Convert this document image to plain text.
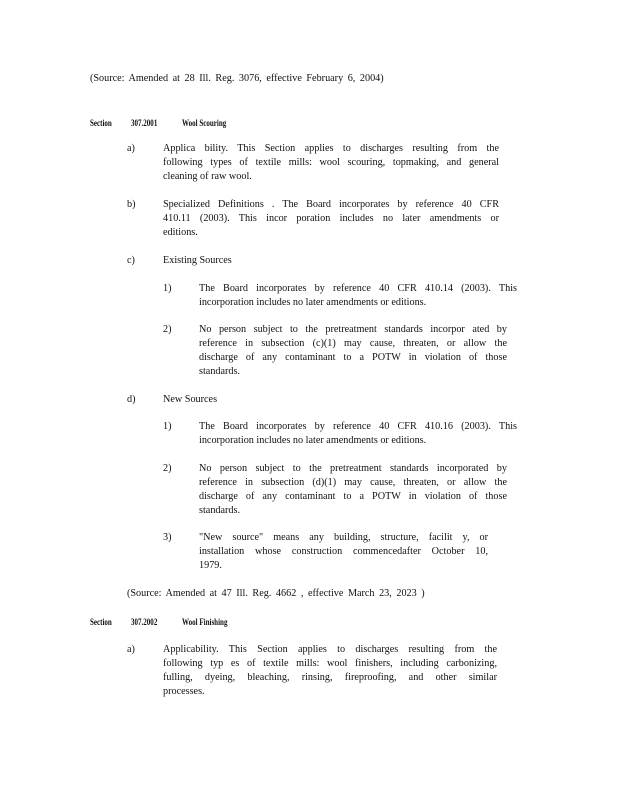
(Source: Amended at 28 Ill. Reg. 3076, effective February 6, 2004)
Section 307.2001	Wool Scouring
a)	Applica bility. This Section applies to discharges resulting from the
following types of textile mills: wool scouring, topmaking, and general
cleaning of raw wool.
b)	Specialized Definitions . The Board incorporates by reference 40 CFR
410.11 (2003). This incor poration includes no later amendments or
editions.
c)	Existing Sources
1)	The Board incorporates by reference 40 CFR 410.14 (2003). This
incorporation includes no later amendments or editions.
2)	No person subject to the pretreatment standards incorpor ated by
reference in subsection (c)(1) may cause, threaten, or allow the
discharge of any contaminant to a POTW in violation of those
standards.
d)	New Sources
1)	The Board incorporates by reference 40 CFR 410.16 (2003). This
incorporation includes no later amendments or editions.
2)	No person subject to the pretreatment standards incorporated by
reference in subsection (d)(1) may cause, threaten, or allow the
discharge of any contaminant to a POTW in violation of those
standards.
3)	"New source" means any building, structure, facilit y, or
installation whose construction commencedafter October 10,
1979.
(Source: Amended at 47 Ill. Reg. 4662 , effective March 23, 2023 )
Section 307.2002	Wool Finishing
a)	Applicability. This Section applies to discharges resulting from the
following typ es of textile mills: wool finishers, including carbonizing,
fulling, dyeing, bleaching, rinsing, fireproofing, and other similar
processes.
